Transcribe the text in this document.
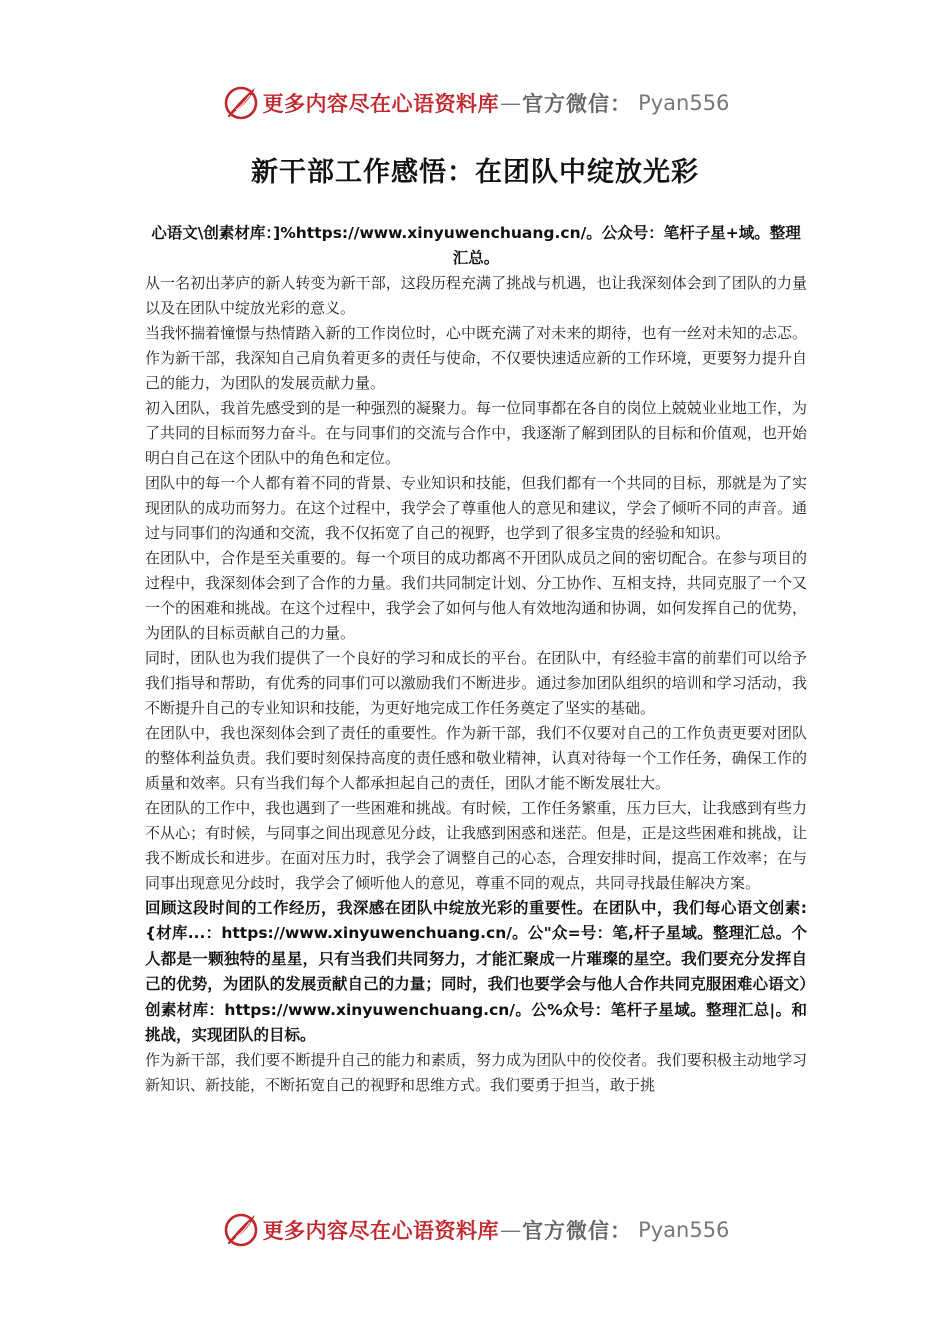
更多内容尽在心语资料库 — 官方微信： Pyan556
新干部工作感悟：在团队中绽放光彩

心语文\创素材库：]%https://www.xinyuwenchuang.cn/。公众号：笔杆子星+域。整理汇总。

从一名初出茅庐的新人转变为新干部，这段历程充满了挑战与机遇，也让我深刻体会到了团队的力量以及在团队中绽放光彩的意义。

当我怀揣着憧憬与热情踏入新的工作岗位时，心中既充满了对未来的期待，也有一丝对未知的忐忑。作为新干部，我深知自己肩负着更多的责任与使命，不仅要快速适应新的工作环境，更要努力提升自己的能力，为团队的发展贡献力量。

初入团队，我首先感受到的是一种强烈的凝聚力。每一位同事都在各自的岗位上兢兢业业地工作，为了共同的目标而努力奋斗。在与同事们的交流与合作中，我逐渐了解到团队的目标和价值观，也开始明白自己在这个团队中的角色和定位。

团队中的每一个人都有着不同的背景、专业知识和技能，但我们都有一个共同的目标，那就是为了实现团队的成功而努力。在这个过程中，我学会了尊重他人的意见和建议，学会了倾听不同的声音。通过与同事们的沟通和交流，我不仅拓宽了自己的视野，也学到了很多宝贵的经验和知识。

在团队中，合作是至关重要的。每一个项目的成功都离不开团队成员之间的密切配合。在参与项目的过程中，我深刻体会到了合作的力量。我们共同制定计划、分工协作、互相支持，共同克服了一个又一个的困难和挑战。在这个过程中，我学会了如何与他人有效地沟通和协调，如何发挥自己的优势，为团队的目标贡献自己的力量。

同时，团队也为我们提供了一个良好的学习和成长的平台。在团队中，有经验丰富的前辈们可以给予我们指导和帮助，有优秀的同事们可以激励我们不断进步。通过参加团队组织的培训和学习活动，我不断提升自己的专业知识和技能，为更好地完成工作任务奠定了坚实的基础。

在团队中，我也深刻体会到了责任的重要性。作为新干部，我们不仅要对自己的工作负责更要对团队的整体利益负责。我们要时刻保持高度的责任感和敬业精神，认真对待每一个工作任务，确保工作的质量和效率。只有当我们每个人都承担起自己的责任，团队才能不断发展壮大。

在团队的工作中，我也遇到了一些困难和挑战。有时候，工作任务繁重，压力巨大，让我感到有些力不从心；有时候，与同事之间出现意见分歧，让我感到困惑和迷茫。但是，正是这些困难和挑战，让我不断成长和进步。在面对压力时，我学会了调整自己的心态，合理安排时间，提高工作效率；在与同事出现意见分歧时，我学会了倾听他人的意见，尊重不同的观点，共同寻找最佳解决方案。

回顾这段时间的工作经历，我深感在团队中绽放光彩的重要性。在团队中，我们每心语文创素:{材库...：https://www.xinyuwenchuang.cn/。公"众=号：笔,杆子星域。整理汇总。个人都是一颗独特的星星，只有当我们共同努力，才能汇聚成一片璀璨的星空。我们要充分发挥自己的优势，为团队的发展贡献自己的力量；同时，我们也要学会与他人合作共同克服困难心语文）创素材库：https://www.xinyuwenchuang.cn/。公%众号：笔杆子星域。整理汇总|。和挑战，实现团队的目标。

作为新干部，我们要不断提升自己的能力和素质，努力成为团队中的佼佼者。我们要积极主动地学习新知识、新技能，不断拓宽自己的视野和思维方式。我们要勇于担当，敢于挑

更多内容尽在心语资料库 — 官方微信： Pyan556
